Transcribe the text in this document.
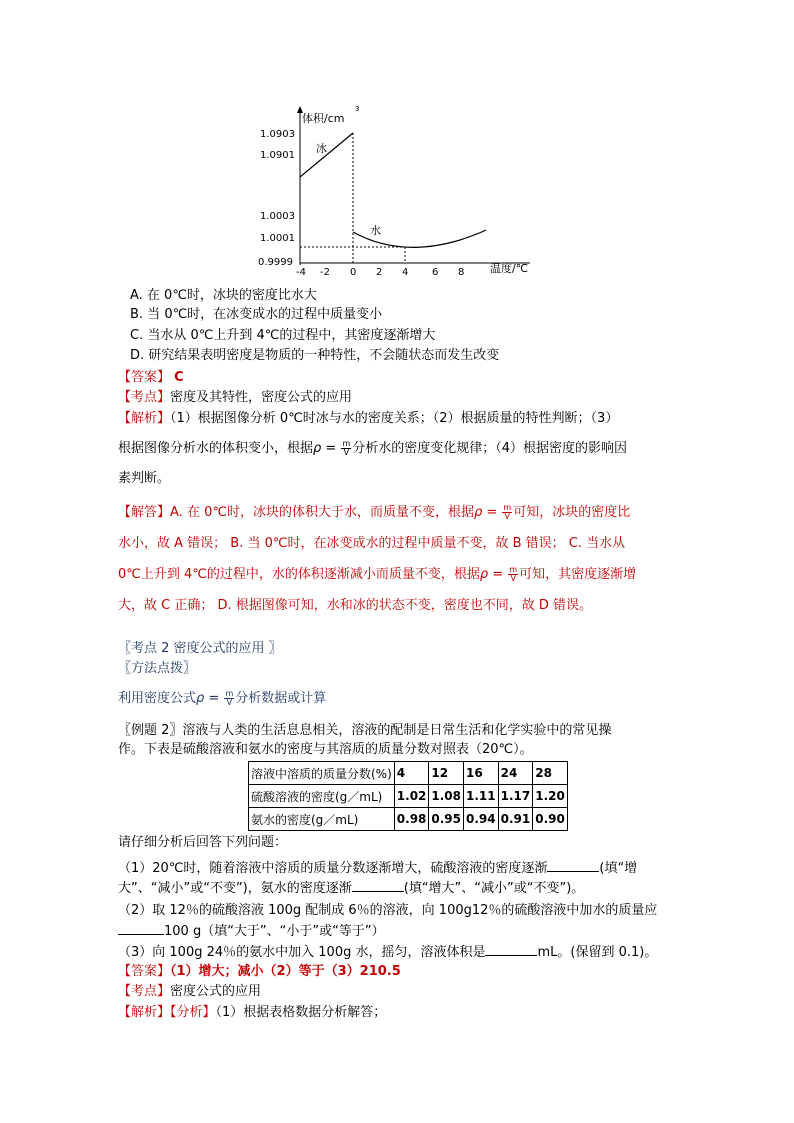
体积/cm
3
1.0903
1.0901
1.0003
1.0001
0.9999
-4 -2 0 2 4 6 8 温度/℃
冰
水
A. 在 0℃时，冰块的密度比水大
B. 当 0℃时，在冰变成水的过程中质量变小
C. 当水从 0℃上升到 4℃的过程中，其密度逐渐增大
D. 研究结果表明密度是物质的一种特性，不会随状态而发生改变
【答案】 C
【考点】密度及其特性，密度公式的应用
【解析】（1）根据图像分析 0℃时冰与水的密度关系；（2）根据质量的特性判断；（3）
根据图像分析水的体积变小，根据$\rho = \frac{m}{V}$ 分析水的密度变化规律；（4）根据密度的影响因
素判断。
【解答】A. 在 0℃时，冰块的体积大于水，而质量不变，根据$\rho = \frac{m}{V}$ 可知，冰块的密度比
水小，故 A 错误； B. 当 0℃时，在冰变成水的过程中质量不变，故 B 错误； C. 当水从
0℃上升到 4℃的过程中，水的体积逐渐减小而质量不变，根据$\rho = \frac{m}{V}$ 可知，其密度逐渐增
大，故 C 正确； D. 根据图像可知，水和冰的状态不变，密度也不同，故 D 错误。
〖考点 2 密度公式的应用 〗
〖方法点拨〗
利用密度公式$\rho = \frac{m}{V}$ 分析数据或计算
〖例题 2〗溶液与人类的生活息息相关，溶液的配制是日常生活和化学实验中的常见操
作。下表是硫酸溶液和氨水的密度与其溶质的质量分数对照表（20℃）。
溶液中溶质的质量分数(%)	4	12	16	24	28
硫酸溶液的密度(g／mL)	1.02	1.08	1.11	1.17	1.20
氨水的密度(g／mL)	0.98	0.95	0.94	0.91	0.90
请仔细分析后回答下列问题：
（1）20℃时，随着溶液中溶质的质量分数逐渐增大，硫酸溶液的密度逐渐	(填“增
大”、“减小”或“不变”)，氨水的密度逐渐	(填“增大”、“减小”或“不变”)。
（2）取 12％的硫酸溶液 100g 配制成 6％的溶液，向 100g12％的硫酸溶液中加水的质量应
100 g（填“大于”、“小于”或“等于”）
（3）向 100g 24％的氨水中加入 100g 水，摇匀，溶液体积是	mL。(保留到 0.1)。
【答案】（1）增大；减小（2）等于（3）210.5
【考点】密度公式的应用
【解析】【分析】（1）根据表格数据分析解答；
